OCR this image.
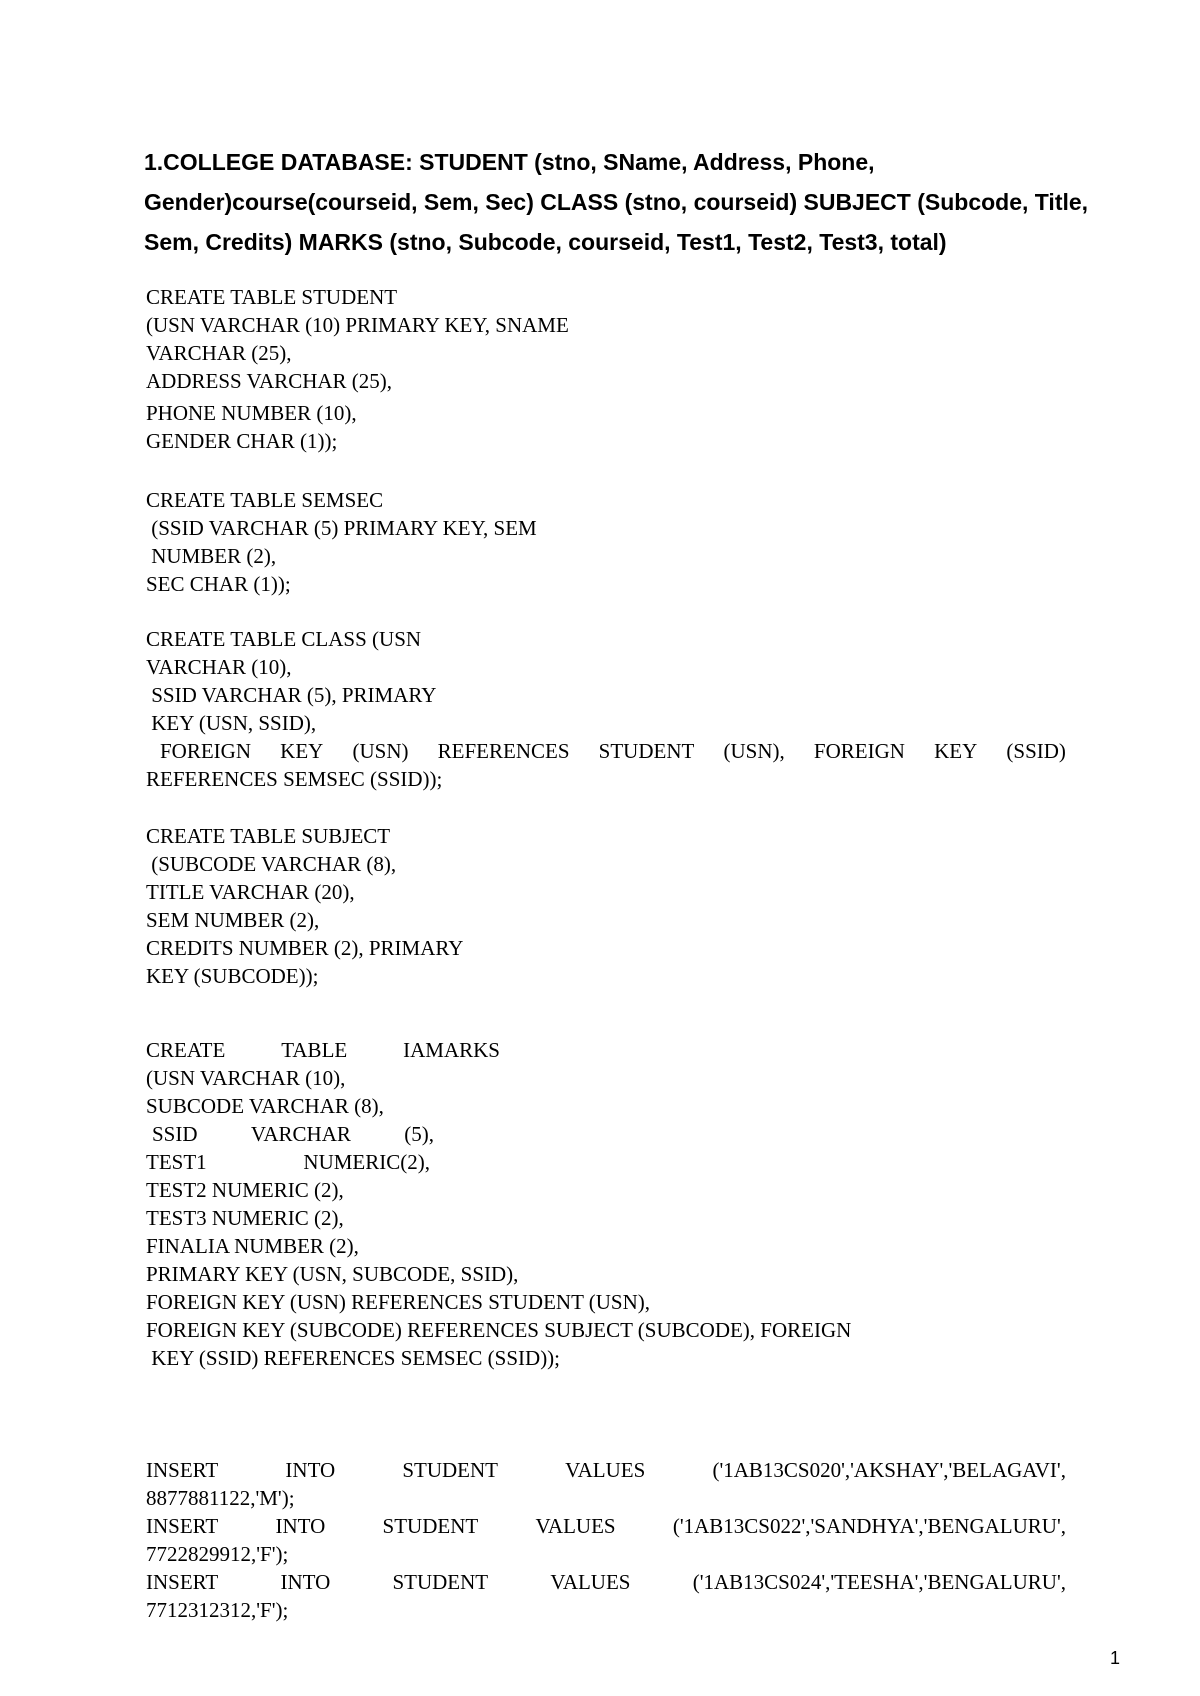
1.COLLEGE DATABASE: STUDENT (stno, SName, Address, Phone,
Gender)course(courseid, Sem, Sec) CLASS (stno, courseid) SUBJECT (Subcode, Title,
Sem, Credits) MARKS (stno, Subcode, courseid, Test1, Test2, Test3, total)
CREATE TABLE STUDENT
(USN VARCHAR (10) PRIMARY KEY, SNAME
VARCHAR (25),
ADDRESS VARCHAR (25),
PHONE NUMBER (10),
GENDER CHAR (1));
CREATE TABLE SEMSEC
(SSID VARCHAR (5) PRIMARY KEY, SEM
NUMBER (2),
SEC CHAR (1));
CREATE TABLE CLASS (USN
VARCHAR (10),
SSID VARCHAR (5), PRIMARY
KEY (USN, SSID),
FOREIGN KEY (USN) REFERENCES STUDENT (USN), FOREIGN KEY (SSID)
REFERENCES SEMSEC (SSID));
CREATE TABLE SUBJECT
(SUBCODE VARCHAR (8),
TITLE VARCHAR (20),
SEM NUMBER (2),
CREDITS NUMBER (2), PRIMARY
KEY (SUBCODE));
CREATE	TABLE	IAMARKS
(USN VARCHAR (10),
SUBCODE VARCHAR (8),
SSID	VARCHAR	(5),
TEST1	NUMERIC(2),
TEST2 NUMERIC (2),
TEST3 NUMERIC (2),
FINALIA NUMBER (2),
PRIMARY KEY (USN, SUBCODE, SSID),
FOREIGN KEY (USN) REFERENCES STUDENT (USN),
FOREIGN KEY (SUBCODE) REFERENCES SUBJECT (SUBCODE), FOREIGN
KEY (SSID) REFERENCES SEMSEC (SSID));
INSERT	INTO	STUDENT	VALUES	('1AB13CS020','AKSHAY','BELAGAVI',
8877881122,'M');
INSERT	INTO	STUDENT	VALUES	('1AB13CS022','SANDHYA','BENGALURU',
7722829912,'F');
INSERT	INTO	STUDENT	VALUES	('1AB13CS024','TEESHA','BENGALURU',
7712312312,'F');
1
